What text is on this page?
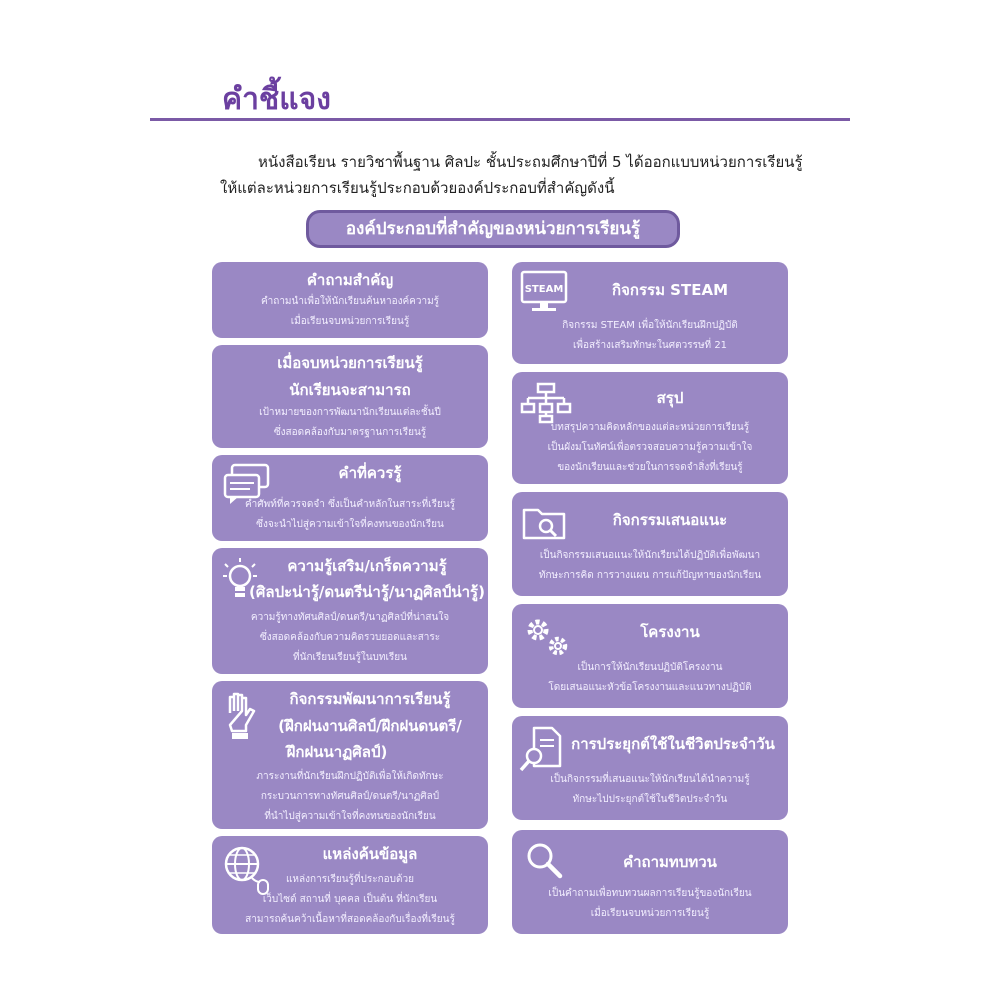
คำชี้แจง
หนังสือเรียน รายวิชาพื้นฐาน ศิลปะ ชั้นประถมศึกษาปีที่ 5 ได้ออกแบบหน่วยการเรียนรู้
ให้แต่ละหน่วยการเรียนรู้ประกอบด้วยองค์ประกอบที่สำคัญดังนี้
องค์ประกอบที่สำคัญของหน่วยการเรียนรู้
คำถามสำคัญ
คำถามนำเพื่อให้นักเรียนค้นหาองค์ความรู้
เมื่อเรียนจบหน่วยการเรียนรู้
เมื่อจบหน่วยการเรียนรู้
นักเรียนจะสามารถ
เป้าหมายของการพัฒนานักเรียนแต่ละชั้นปี
ซึ่งสอดคล้องกับมาตรฐานการเรียนรู้
คำที่ควรรู้
คำศัพท์ที่ควรจดจำ ซึ่งเป็นคำหลักในสาระที่เรียนรู้
ซึ่งจะนำไปสู่ความเข้าใจที่คงทนของนักเรียน
ความรู้เสริม/เกร็ดความรู้
(ศิลปะน่ารู้/ดนตรีน่ารู้/นาฏศิลป์น่ารู้)
ความรู้ทางทัศนศิลป์/ดนตรี/นาฏศิลป์ที่น่าสนใจ
ซึ่งสอดคล้องกับความคิดรวบยอดและสาระ
ที่นักเรียนเรียนรู้ในบทเรียน
กิจกรรมพัฒนาการเรียนรู้
(ฝึกฝนงานศิลป์/ฝึกฝนดนตรี/
ฝึกฝนนาฏศิลป์)
ภาระงานที่นักเรียนฝึกปฏิบัติเพื่อให้เกิดทักษะ
กระบวนการทางทัศนศิลป์/ดนตรี/นาฏศิลป์
ที่นำไปสู่ความเข้าใจที่คงทนของนักเรียน
แหล่งค้นข้อมูล
แหล่งการเรียนรู้ที่ประกอบด้วย
เว็บไซต์ สถานที่ บุคคล เป็นต้น ที่นักเรียน
สามารถค้นคว้าเนื้อหาที่สอดคล้องกับเรื่องที่เรียนรู้
STEAM	กิจกรรม STEAM
กิจกรรม STEAM เพื่อให้นักเรียนฝึกปฏิบัติ
เพื่อสร้างเสริมทักษะในศตวรรษที่ 21
สรุป
บทสรุปความคิดหลักของแต่ละหน่วยการเรียนรู้
เป็นผังมโนทัศน์เพื่อตรวจสอบความรู้ความเข้าใจ
ของนักเรียนและช่วยในการจดจำสิ่งที่เรียนรู้
กิจกรรมเสนอแนะ
เป็นกิจกรรมเสนอแนะให้นักเรียนได้ปฏิบัติเพื่อพัฒนา
ทักษะการคิด การวางแผน การแก้ปัญหาของนักเรียน
โครงงาน
เป็นการให้นักเรียนปฏิบัติโครงงาน
โดยเสนอแนะหัวข้อโครงงานและแนวทางปฏิบัติ
การประยุกต์ใช้ในชีวิตประจำวัน
เป็นกิจกรรมที่เสนอแนะให้นักเรียนได้นำความรู้
ทักษะไปประยุกต์ใช้ในชีวิตประจำวัน
คำถามทบทวน
เป็นคำถามเพื่อทบทวนผลการเรียนรู้ของนักเรียน
เมื่อเรียนจบหน่วยการเรียนรู้
